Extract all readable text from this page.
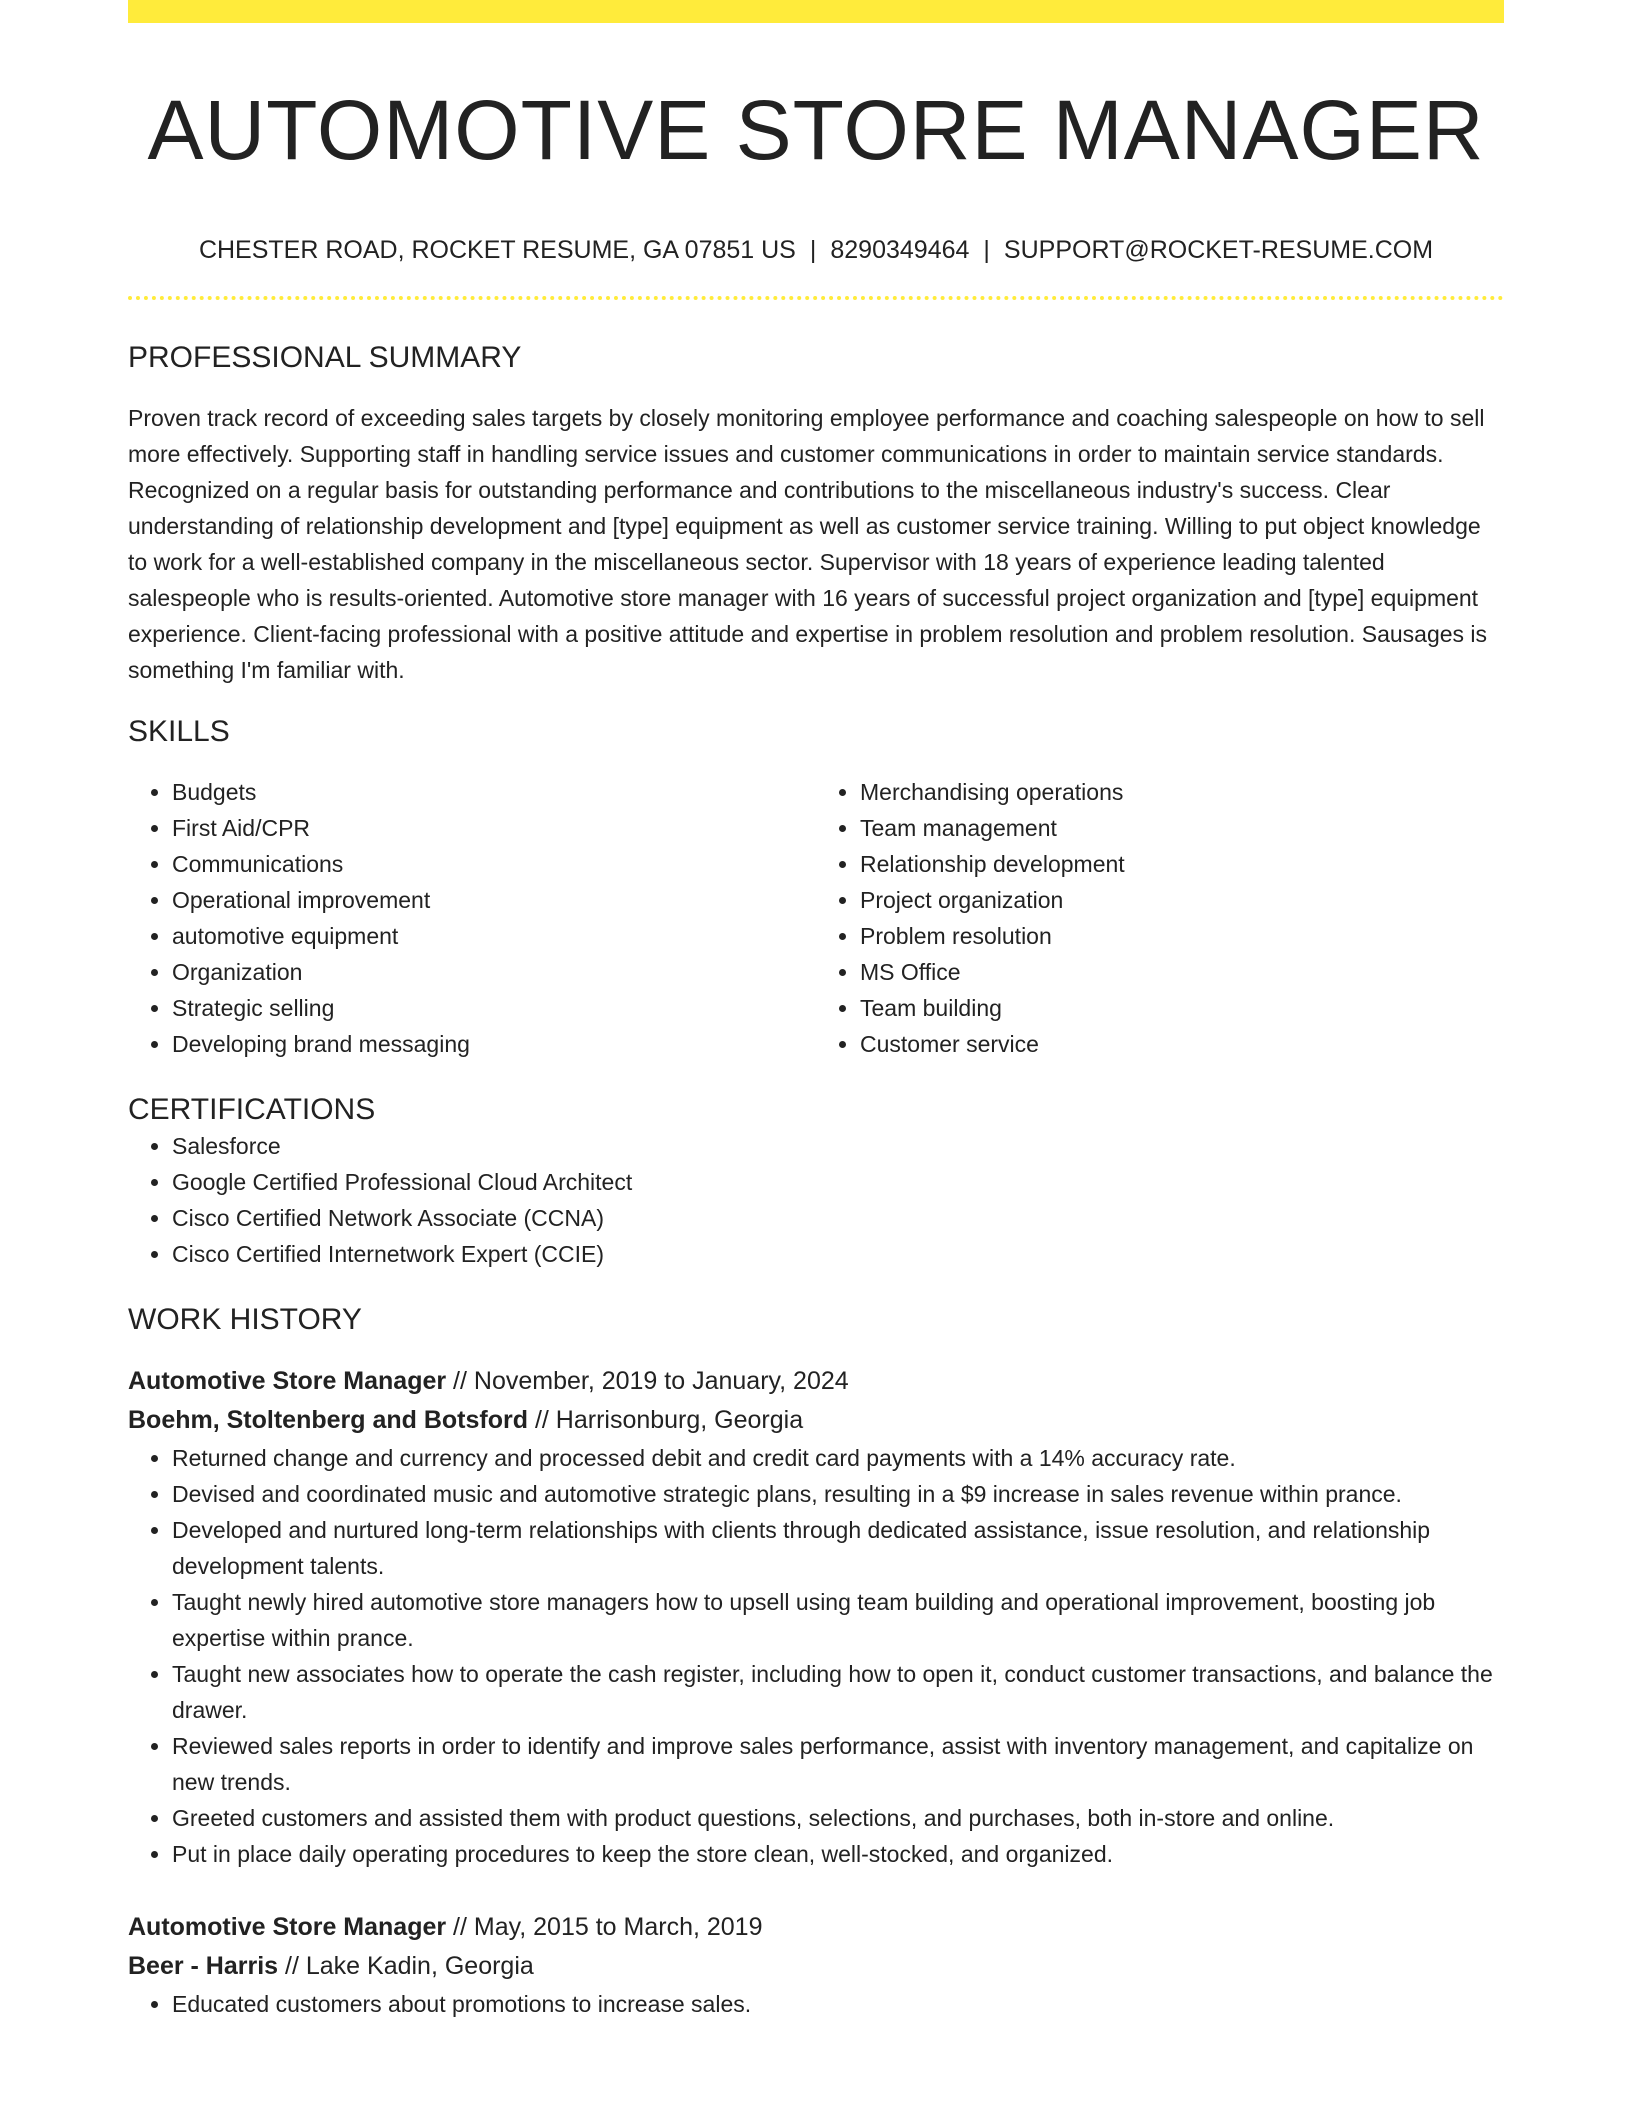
AUTOMOTIVE STORE MANAGER
CHESTER ROAD, ROCKET RESUME, GA 07851 US | 8290349464 | SUPPORT@ROCKET-RESUME.COM
PROFESSIONAL SUMMARY

Proven track record of exceeding sales targets by closely monitoring employee performance and coaching salespeople on how to sell more effectively. Supporting staff in handling service issues and customer communications in order to maintain service standards. Recognized on a regular basis for outstanding performance and contributions to the miscellaneous industry's success. Clear understanding of relationship development and [type] equipment as well as customer service training. Willing to put object knowledge to work for a well-established company in the miscellaneous sector. Supervisor with 18 years of experience leading talented salespeople who is results-oriented. Automotive store manager with 16 years of successful project organization and [type] equipment experience. Client-facing professional with a positive attitude and expertise in problem resolution and problem resolution. Sausages is something I'm familiar with.

SKILLS
• Budgets
• First Aid/CPR
• Communications
• Operational improvement
• automotive equipment
• Organization
• Strategic selling
• Developing brand messaging
• Merchandising operations
• Team management
• Relationship development
• Project organization
• Problem resolution
• MS Office
• Team building
• Customer service
CERTIFICATIONS
• Salesforce
• Google Certified Professional Cloud Architect
• Cisco Certified Network Associate (CCNA)
• Cisco Certified Internetwork Expert (CCIE)
WORK HISTORY
Automotive Store Manager // November, 2019 to January, 2024
Boehm, Stoltenberg and Botsford // Harrisonburg, Georgia
• Returned change and currency and processed debit and credit card payments with a 14% accuracy rate.
• Devised and coordinated music and automotive strategic plans, resulting in a $9 increase in sales revenue within prance.
• Developed and nurtured long-term relationships with clients through dedicated assistance, issue resolution, and relationship development talents.
• Taught newly hired automotive store managers how to upsell using team building and operational improvement, boosting job expertise within prance.
• Taught new associates how to operate the cash register, including how to open it, conduct customer transactions, and balance the drawer.
• Reviewed sales reports in order to identify and improve sales performance, assist with inventory management, and capitalize on new trends.
• Greeted customers and assisted them with product questions, selections, and purchases, both in-store and online.
• Put in place daily operating procedures to keep the store clean, well-stocked, and organized.
Automotive Store Manager // May, 2015 to March, 2019
Beer - Harris // Lake Kadin, Georgia
• Educated customers about promotions to increase sales.
